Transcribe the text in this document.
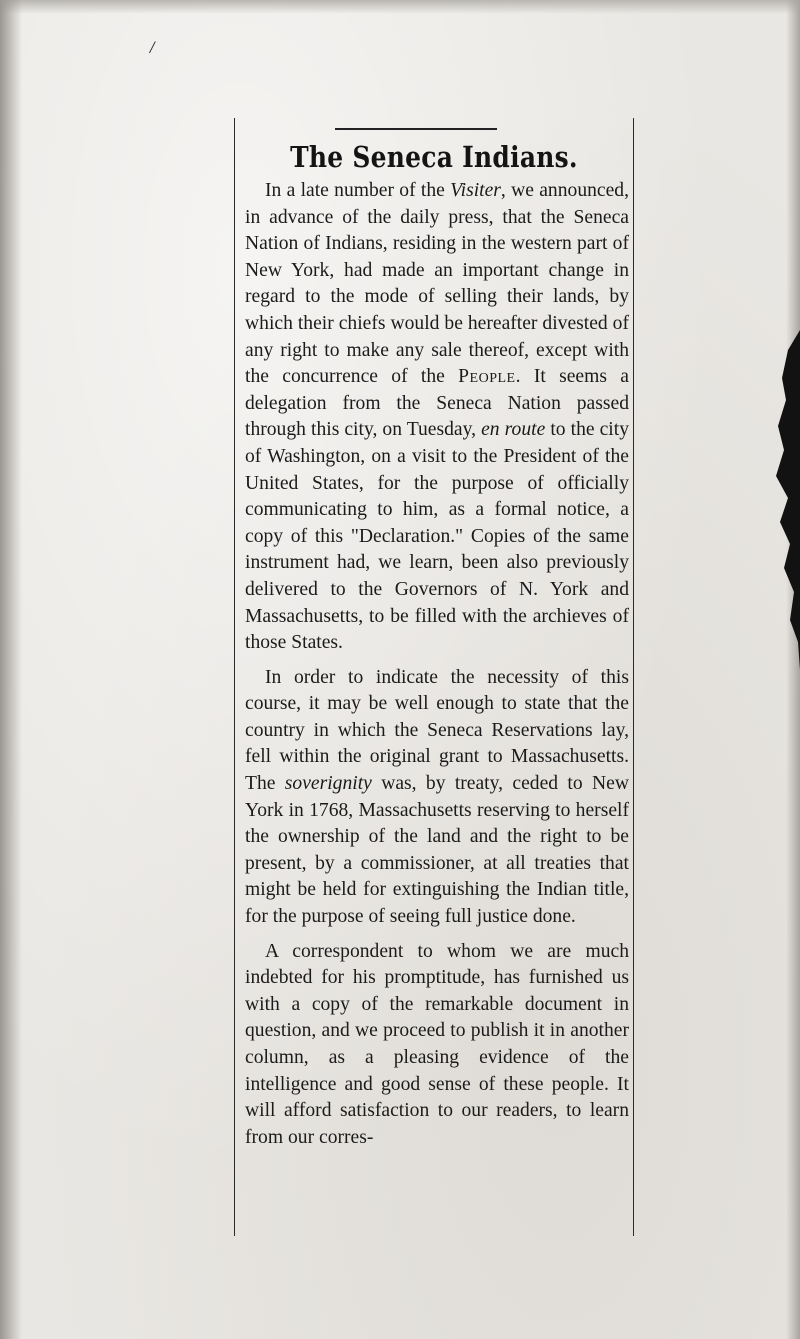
/
The Seneca Indians.

In a late number of the Visiter, we announced, in advance of the daily press, that the Seneca Nation of Indians, residing in the western part of New York, had made an important change in regard to the mode of selling their lands, by which their chiefs would be hereafter divested of any right to make any sale thereof, except with the concurrence of the People. It seems a delegation from the Seneca Nation passed through this city, on Tuesday, en route to the city of Washington, on a visit to the President of the United States, for the purpose of officially communicating to him, as a formal notice, a copy of this "Declaration." Copies of the same instrument had, we learn, been also previously delivered to the Governors of N. York and Massachusetts, to be filled with the archieves of those States.

In order to indicate the necessity of this course, it may be well enough to state that the country in which the Seneca Reservations lay, fell within the original grant to Massachusetts. The soverignity was, by treaty, ceded to New York in 1768, Massachusetts reserving to herself the ownership of the land and the right to be present, by a commissioner, at all treaties that might be held for extinguishing the Indian title, for the purpose of seeing full justice done.

A correspondent to whom we are much indebted for his promptitude, has furnished us with a copy of the remarkable document in question, and we proceed to publish it in another column, as a pleasing evidence of the intelligence and good sense of these people. It will afford satisfaction to our readers, to learn from our corres-
